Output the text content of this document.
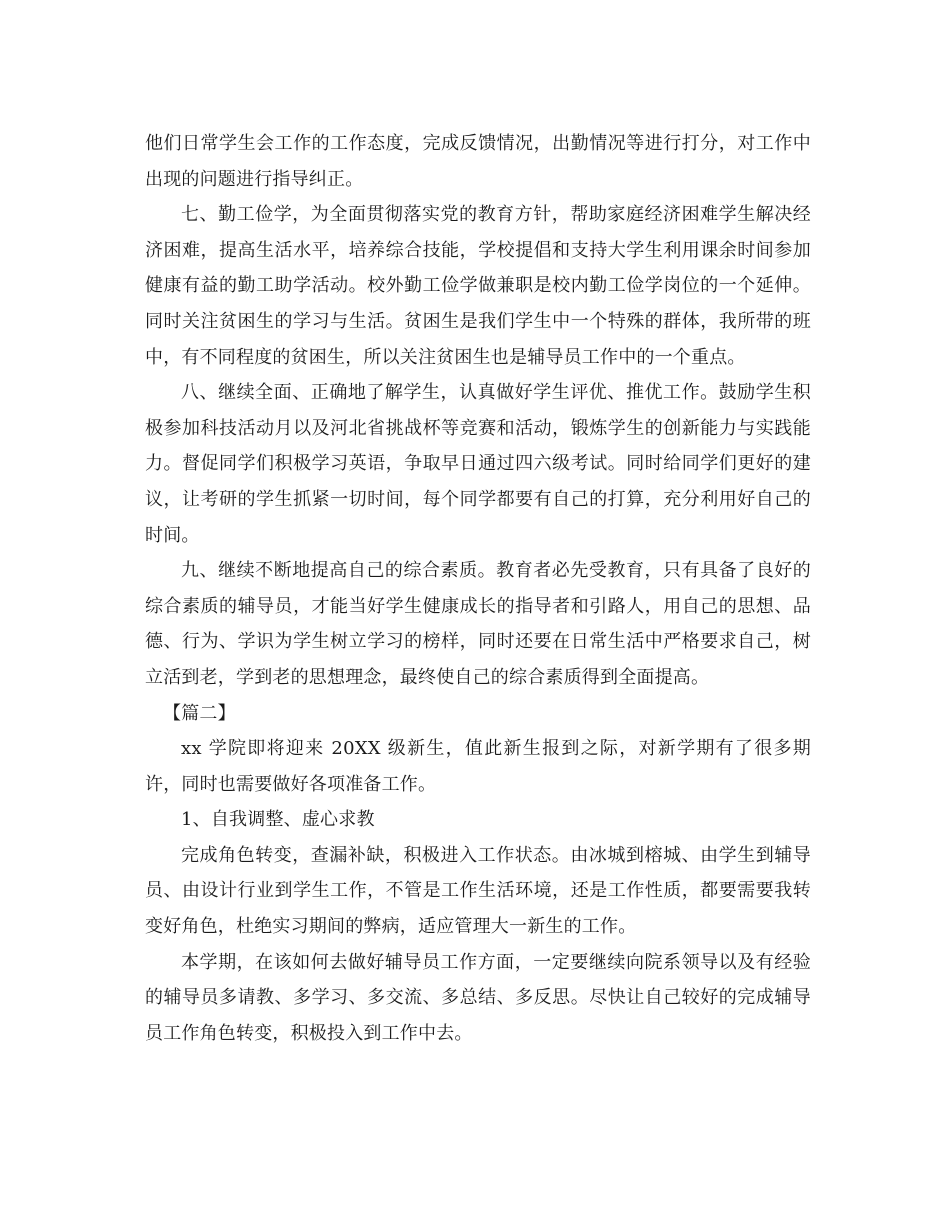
他们日常学生会工作的工作态度，完成反馈情况，出勤情况等进行打分，对工作中出现的问题进行指导纠正。

七、勤工俭学，为全面贯彻落实党的教育方针，帮助家庭经济困难学生解决经济困难，提高生活水平，培养综合技能，学校提倡和支持大学生利用课余时间参加健康有益的勤工助学活动。校外勤工俭学做兼职是校内勤工俭学岗位的一个延伸。同时关注贫困生的学习与生活。贫困生是我们学生中一个特殊的群体，我所带的班中，有不同程度的贫困生，所以关注贫困生也是辅导员工作中的一个重点。

八、继续全面、正确地了解学生，认真做好学生评优、推优工作。鼓励学生积极参加科技活动月以及河北省挑战杯等竞赛和活动，锻炼学生的创新能力与实践能力。督促同学们积极学习英语，争取早日通过四六级考试。同时给同学们更好的建议，让考研的学生抓紧一切时间，每个同学都要有自己的打算，充分利用好自己的时间。

九、继续不断地提高自己的综合素质。教育者必先受教育，只有具备了良好的综合素质的辅导员，才能当好学生健康成长的指导者和引路人，用自己的思想、品德、行为、学识为学生树立学习的榜样，同时还要在日常生活中严格要求自己，树立活到老，学到老的思想理念，最终使自己的综合素质得到全面提高。

【篇二】

xx 学院即将迎来 20XX 级新生，值此新生报到之际，对新学期有了很多期许，同时也需要做好各项准备工作。

1、自我调整、虚心求教

完成角色转变，查漏补缺，积极进入工作状态。由冰城到榕城、由学生到辅导员、由设计行业到学生工作，不管是工作生活环境，还是工作性质，都要需要我转变好角色，杜绝实习期间的弊病，适应管理大一新生的工作。

本学期，在该如何去做好辅导员工作方面，一定要继续向院系领导以及有经验的辅导员多请教、多学习、多交流、多总结、多反思。尽快让自己较好的完成辅导员工作角色转变，积极投入到工作中去。
